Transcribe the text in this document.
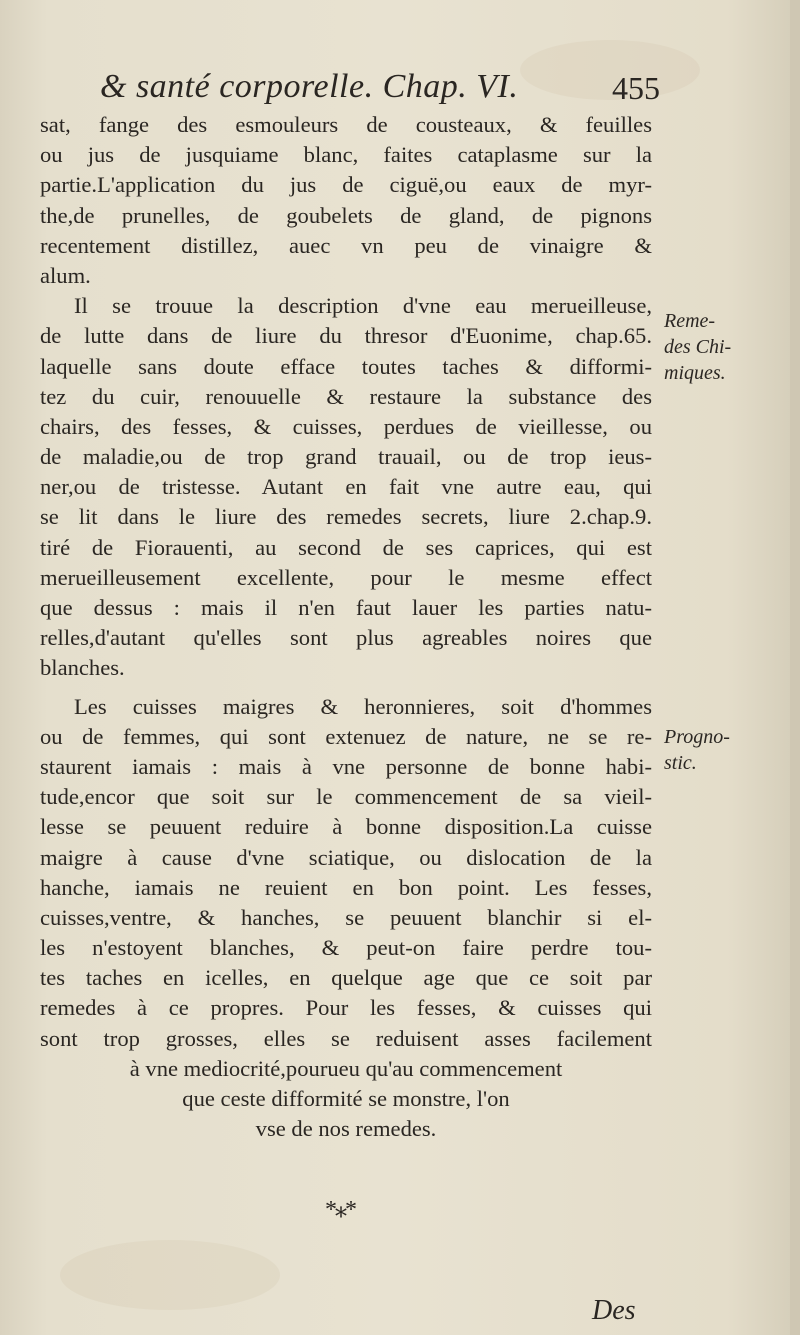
& santé corporelle. Chap. VI.	455
sat, fange des esmouleurs de cousteaux, & feuilles
ou jus de jusquiame blanc, faites cataplasme sur la
partie.L'application du jus de ciguë,ou eaux de myr-
the,de prunelles, de goubelets de gland, de pignons
recentement distillez, auec vn peu de vinaigre &
alum.
Il se trouue la description d'vne eau merueilleuse,
de lutte dans de liure du thresor d'Euonime, chap.65.
laquelle sans doute efface toutes taches & difformi-
tez du cuir, renouuelle & restaure la substance des
chairs, des fesses, & cuisses, perdues de vieillesse, ou
de maladie,ou de trop grand trauail, ou de trop ieus-
ner,ou de tristesse. Autant en fait vne autre eau, qui
se lit dans le liure des remedes secrets, liure 2.chap.9.
tiré de Fiorauenti, au second de ses caprices, qui est
merueilleusement excellente, pour le mesme effect
que dessus : mais il n'en faut lauer les parties natu-
relles,d'autant qu'elles sont plus agreables noires que
blanches.
Les cuisses maigres & heronnieres, soit d'hommes
ou de femmes, qui sont extenuez de nature, ne se re-
staurent iamais : mais à vne personne de bonne habi-
tude,encor que soit sur le commencement de sa vieil-
lesse se peuuent reduire à bonne disposition.La cuisse
maigre à cause d'vne sciatique, ou dislocation de la
hanche, iamais ne reuient en bon point. Les fesses,
cuisses,ventre, & hanches, se peuuent blanchir si el-
les n'estoyent blanches, & peut-on faire perdre tou-
tes taches en icelles, en quelque age que ce soit par
remedes à ce propres. Pour les fesses, & cuisses qui
sont trop grosses, elles se reduisent asses facilement
à vne mediocrité,pourueu qu'au commencement
que ceste difformité se monstre, l'on
vse de nos remedes.
Reme-
des Chi-
miques.
Progno-
stic.
*⁎*
Des
